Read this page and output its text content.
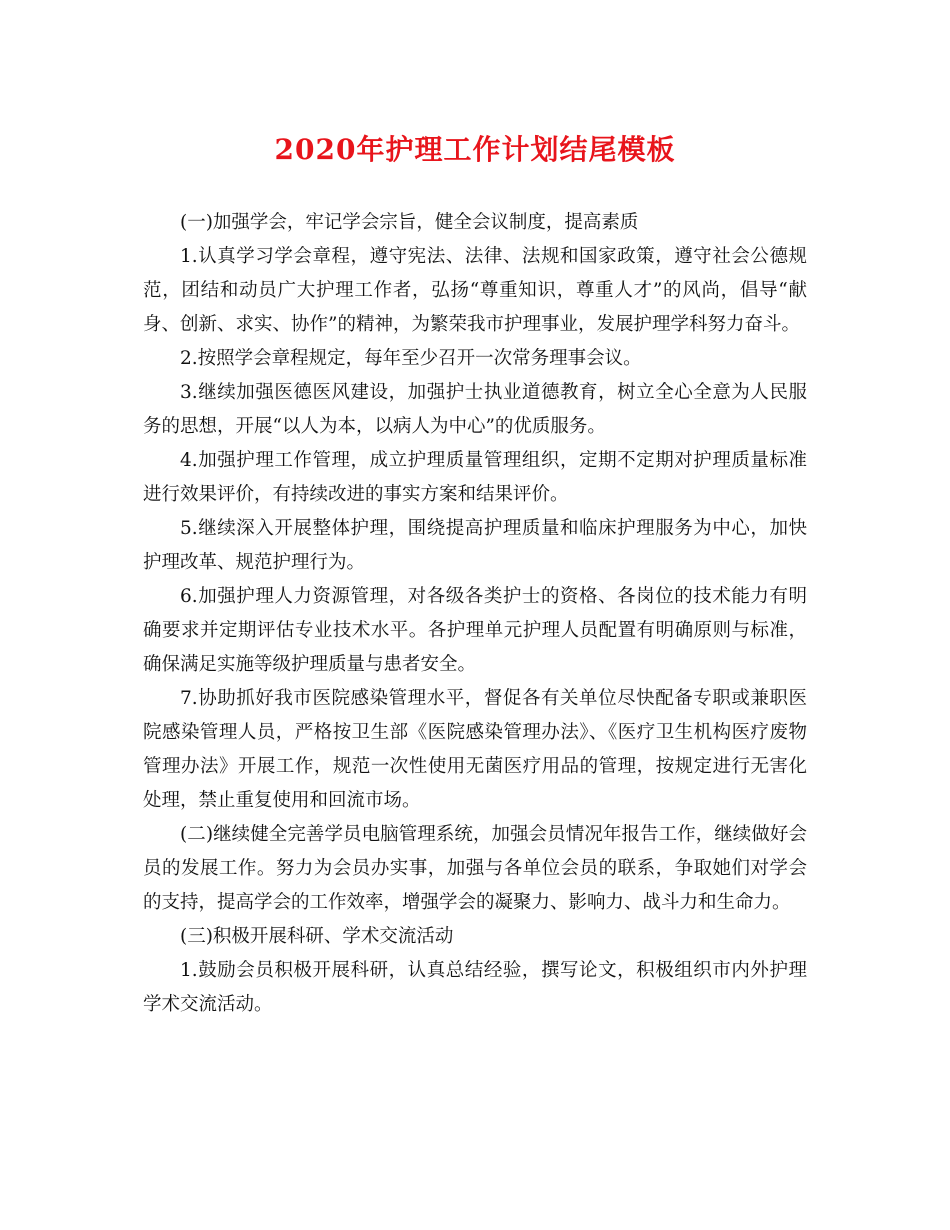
2020年护理工作计划结尾模板

(一)加强学会，牢记学会宗旨，健全会议制度，提高素质

1.认真学习学会章程，遵守宪法、法律、法规和国家政策，遵守社会公德规范，团结和动员广大护理工作者，弘扬“尊重知识，尊重人才”的风尚，倡导“献身、创新、求实、协作”的精神，为繁荣我市护理事业，发展护理学科努力奋斗。

2.按照学会章程规定，每年至少召开一次常务理事会议。

3.继续加强医德医风建设，加强护士执业道德教育，树立全心全意为人民服务的思想，开展“以人为本，以病人为中心”的优质服务。

4.加强护理工作管理，成立护理质量管理组织，定期不定期对护理质量标准进行效果评价，有持续改进的事实方案和结果评价。

5.继续深入开展整体护理，围绕提高护理质量和临床护理服务为中心，加快护理改革、规范护理行为。

6.加强护理人力资源管理，对各级各类护士的资格、各岗位的技术能力有明确要求并定期评估专业技术水平。各护理单元护理人员配置有明确原则与标准，确保满足实施等级护理质量与患者安全。

7.协助抓好我市医院感染管理水平，督促各有关单位尽快配备专职或兼职医院感染管理人员，严格按卫生部《医院感染管理办法》、《医疗卫生机构医疗废物管理办法》开展工作，规范一次性使用无菌医疗用品的管理，按规定进行无害化处理，禁止重复使用和回流市场。

(二)继续健全完善学员电脑管理系统，加强会员情况年报告工作，继续做好会员的发展工作。努力为会员办实事，加强与各单位会员的联系，争取她们对学会的支持，提高学会的工作效率，增强学会的凝聚力、影响力、战斗力和生命力。

(三)积极开展科研、学术交流活动

1.鼓励会员积极开展科研，认真总结经验，撰写论文，积极组织市内外护理学术交流活动。
